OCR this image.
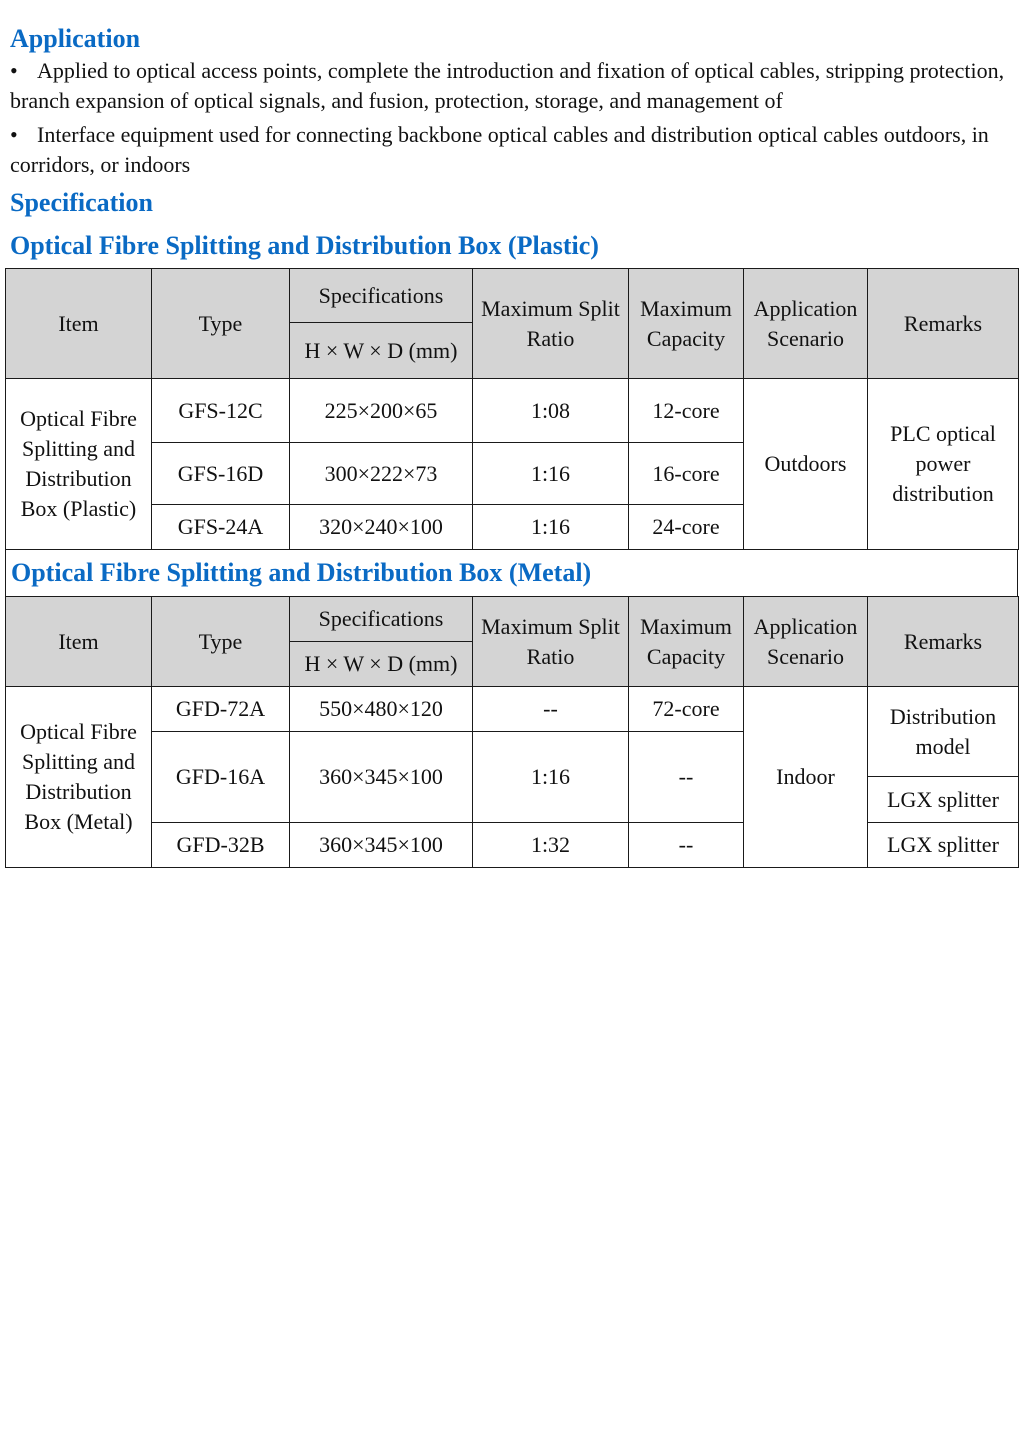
Application
• Applied to optical access points, complete the introduction and fixation of optical cables, stripping protection, branch expansion of optical signals, and fusion, protection, storage, and management of
• Interface equipment used for connecting backbone optical cables and distribution optical cables outdoors, in corridors, or indoors
Specification
Optical Fibre Splitting and Distribution Box (Plastic)
Item	Type	Specifications	Maximum Split Ratio	Maximum Capacity	Application Scenario	Remarks
		H × W × D (mm)				
Optical Fibre Splitting and Distribution Box (Plastic)	GFS-12C	225×200×65	1:08	12-core	Outdoors	PLC optical power distribution
	GFS-16D	300×222×73	1:16	16-core		
	GFS-24A	320×240×100	1:16	24-core		
Optical Fibre Splitting and Distribution Box (Metal)
Item	Type	Specifications	Maximum Split Ratio	Maximum Capacity	Application Scenario	Remarks
		H × W × D (mm)				
Optical Fibre Splitting and Distribution Box (Metal)	GFD-72A	550×480×120	--	72-core	Indoor	Distribution model
	GFD-16A	360×345×100	1:16	--		
						LGX splitter
	GFD-32B	360×345×100	1:32	--		LGX splitter
